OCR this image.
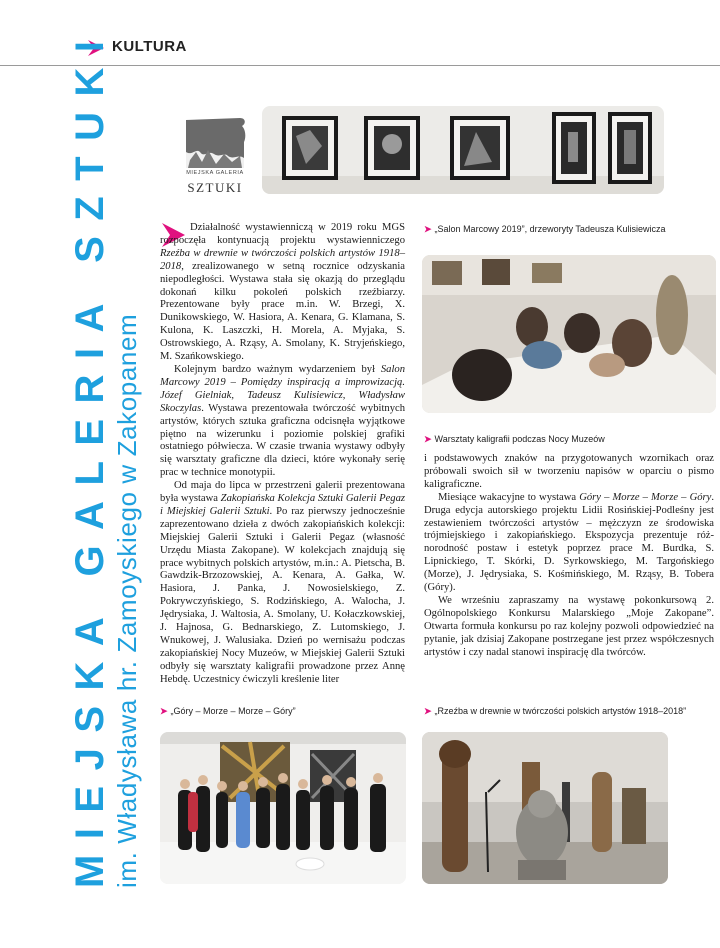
KULTURA
MIEJSKA GALERIA SZTUKI im. Władysława hr. Zamoyskiego w Zakopanem
MIEJSKA GALERIA
SZTUKI
➤ „Salon Marcowy 2019”, drzeworyty Tadeusza Kulisiewicza
➤ Warsztaty kaligrafii podczas Nocy Muzeów

Działalność wystawienniczą w 2019 roku MGS rozpoczęła kontynuacją projektu wystawienniczego Rzeźba w drewnie w twórczości polskich artystów 1918–2018, zrealizowanego w setną rocznice odzyskania niepodległości. Wystawa stała się okazją do przeglądu dokonań kilku pokoleń polskich rzeźbiarzy. Prezentowane były prace m.in. W. Brzegi, X. Dunikowskiego, W. Hasiora, A. Kenara, G. Klamana, S. Kulona, K. Laszczki, H. Morela, A. Myjaka, S. Ostrowskiego, A. Rząsy, A. Smolany, K. Stryjeńskiego, M. Szańkowskiego.

Kolejnym bardzo ważnym wydarzeniem był Salon Marcowy 2019 – Pomiędzy inspiracją a improwizacją. Józef Gielniak, Tadeusz Kulisiewicz, Władysław Skoczylas. Wystawa prezentowała twórczość wybitnych artystów, których sztuka graficzna odcisnęła wyjątkowe piętno na wizerunku i poziomie polskiej grafiki ostatniego półwiecza. W czasie trwania wystawy odbyły się warsztaty graficzne dla dzieci, które wykonały serię prac w technice monotypii.

Od maja do lipca w przestrzeni galerii prezentowana była wystawa Zakopiańska Kolekcja Sztuki Galerii Pegaz i Miejskiej Galerii Sztuki. Po raz pierwszy jednocześnie zaprezentowano dzieła z dwóch zakopiańskich kolekcji: Miejskiej Galerii Sztuki i Galerii Pegaz (własność Urzędu Miasta Zakopane). W kolekcjach znajdują się prace wybitnych polskich artystów, m.in.: A. Pietscha, B. Gawdzik-Brzozowskiej, A. Kenara, A. Gałka, W. Hasiora, J. Panka, J. Nowosielskiego, Z. Pokrywczyńskiego, S. Rodzińskiego, A. Walocha, J. Jędrysiaka, J. Waltosia, A. Smolany, U. Kołaczkowskiej, J. Hajnosa, G. Bednarskiego, Z. Lutomskiego, J. Wnukowej, J. Walusiaka. Dzień po wernisażu podczas zakopiańskiej Nocy Muzeów, w Miejskiej Galerii Sztuki odbyły się warsztaty kaligrafii prowadzone przez Annę Hebdę. Uczestnicy ćwiczyli kreślenie liter

i podstawowych znaków na przygotowanych wzornikach oraz próbowali swoich sił w tworzeniu napisów w oparciu o pismo kaligraficzne.

Miesiące wakacyjne to wystawa Góry – Morze – Morze – Góry. Druga edycja autorskiego projektu Lidii Rosińskiej-Podleśny jest zestawieniem twórczości artystów – mężczyzn ze środowiska trójmiejskiego i zakopiańskiego. Ekspozycja prezentuje różnorodność postaw i estetyk poprzez prace M. Burdka, S. Lipnickiego, T. Skórki, D. Syrkowskiego, M. Targońskiego (Morze), J. Jędrysiaka, S. Kośmińskiego, M. Rząsy, B. Tobera (Góry).

We wrześniu zapraszamy na wystawę pokonkursową 2. Ogólnopolskiego Konkursu Malarskiego „Moje Zakopane”. Otwarta formuła konkursu po raz kolejny pozwoli odpowiedzieć na pytanie, jak dzisiaj Zakopane postrzegane jest przez współczesnych artystów i czy nadal stanowi inspirację dla twórców.

➤ „Góry – Morze – Morze – Góry”	➤ „Rzeźba w drewnie w twórczości polskich artystów 1918–2018”
